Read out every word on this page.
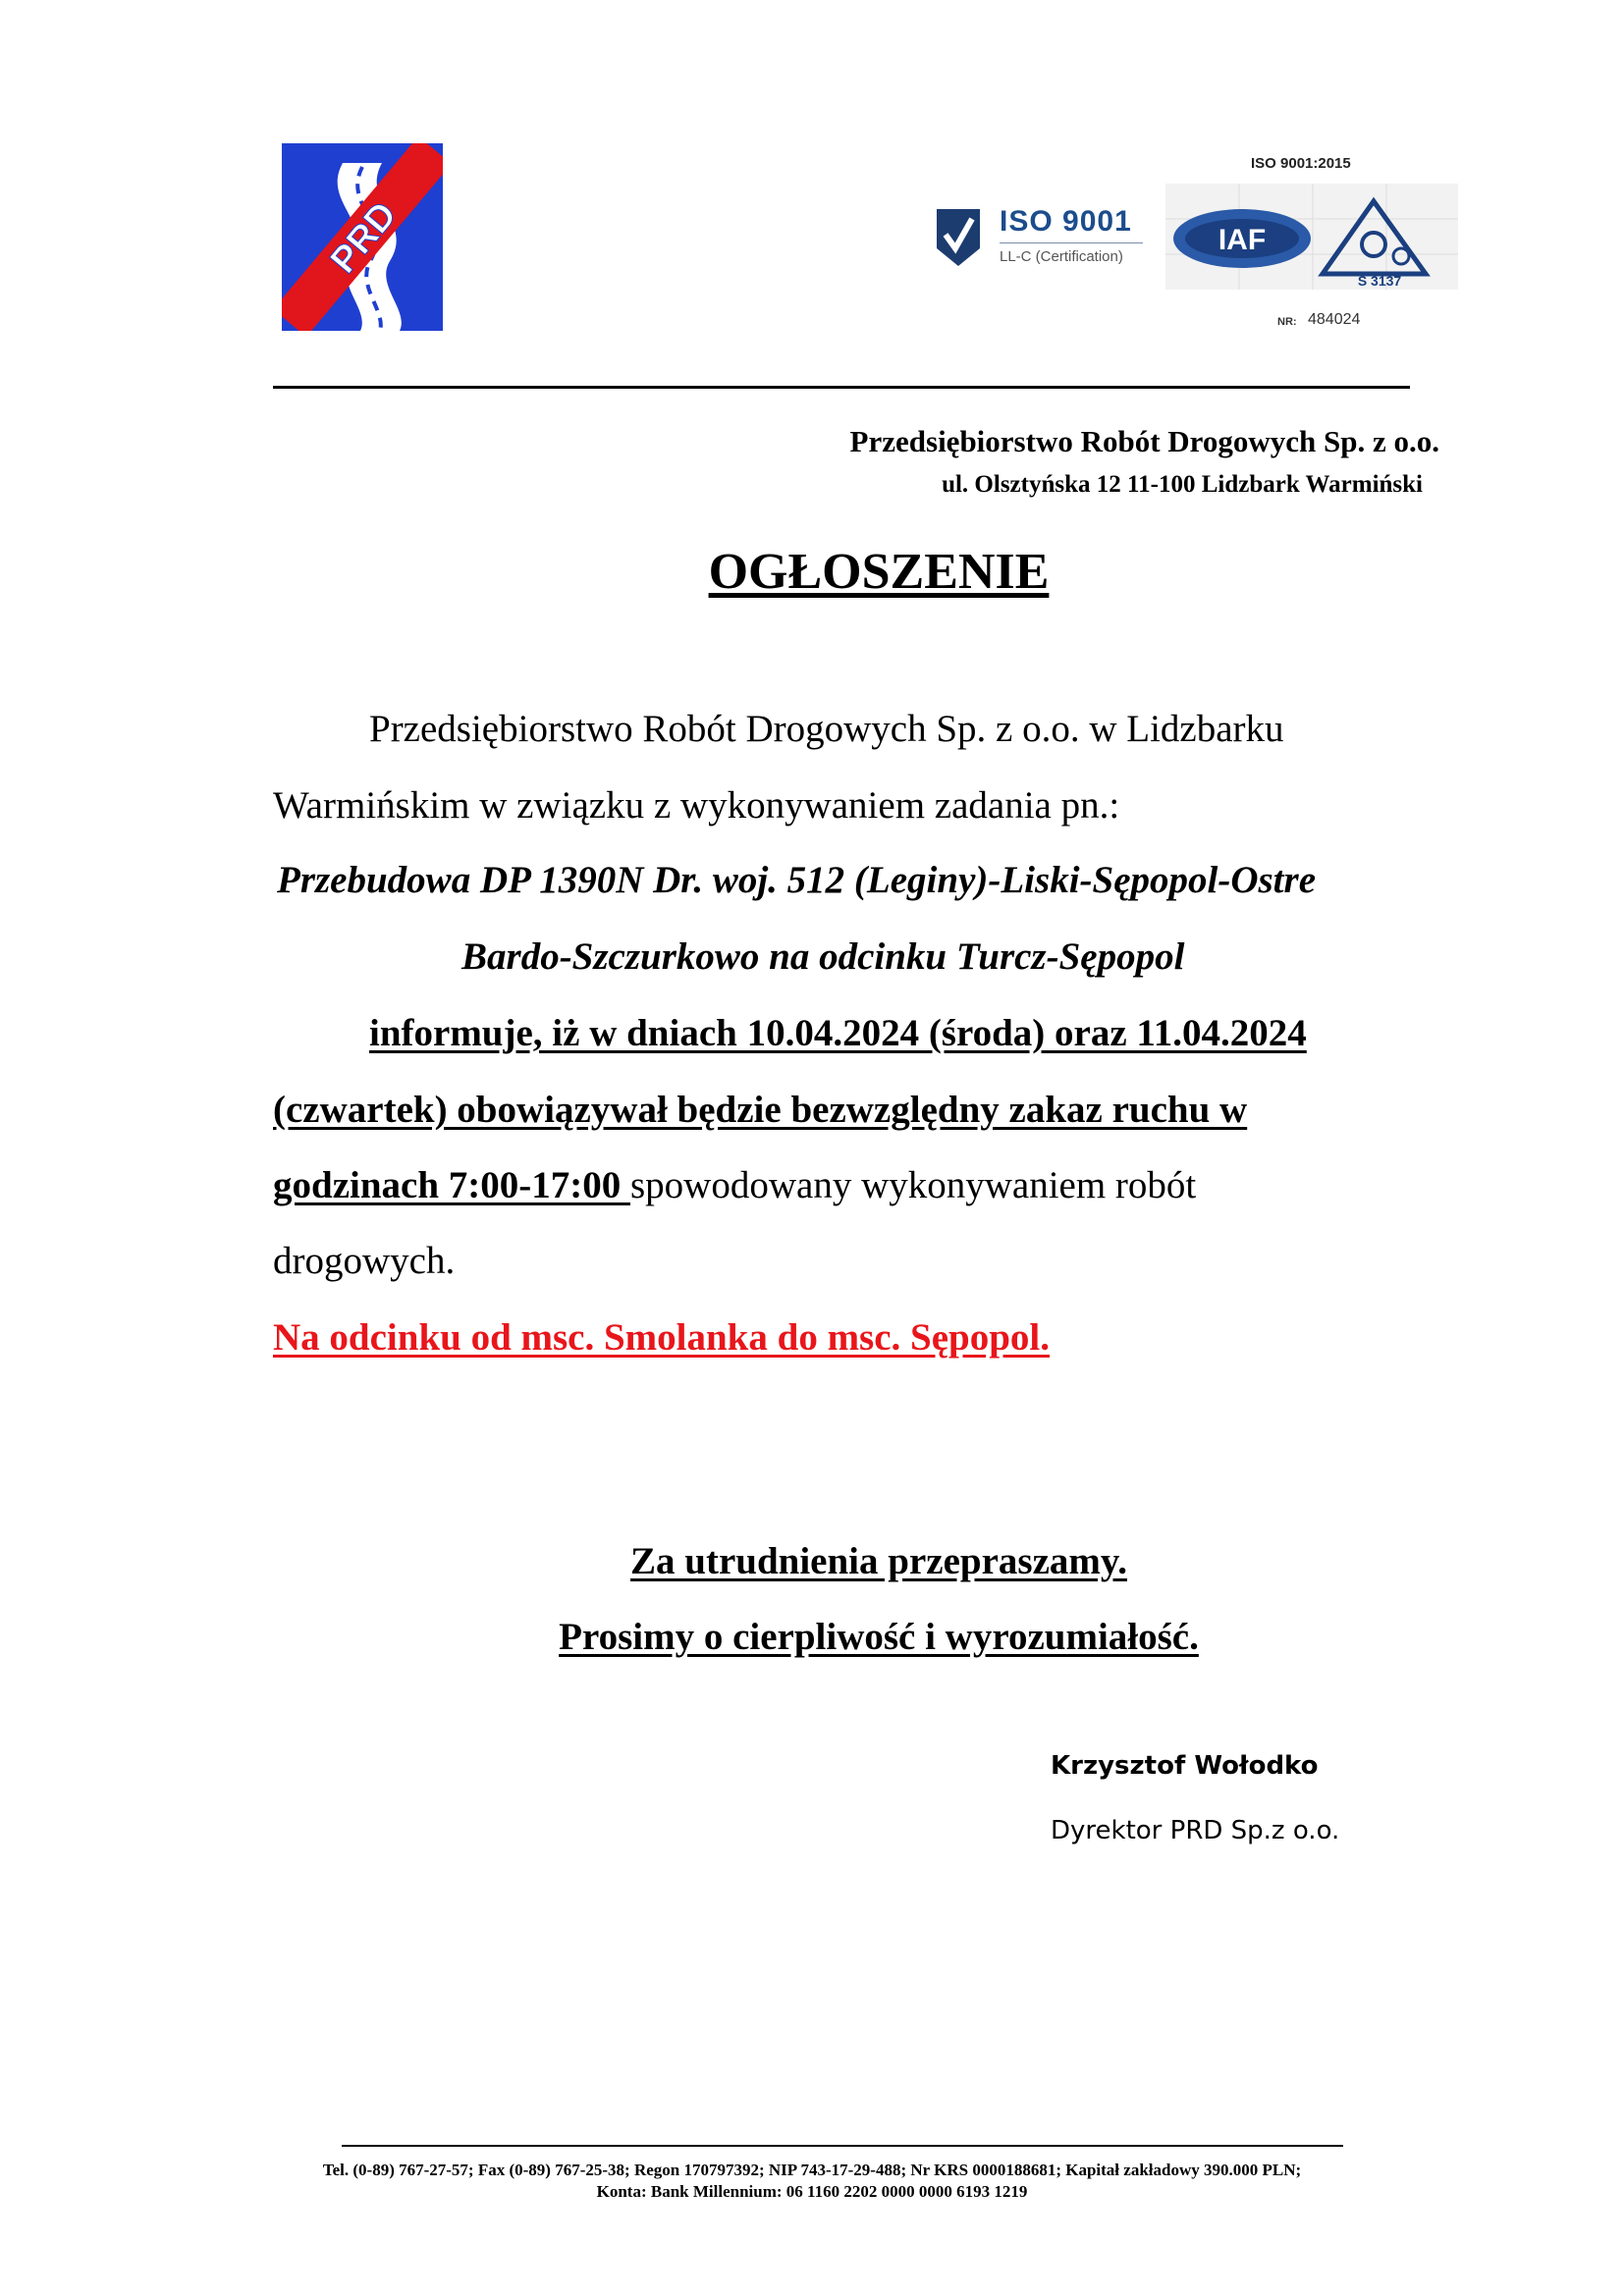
PRD	ISO 9001
LL-C (Certification)
ISO 9001:2015
IAF
S 3137
NR: 484024
Przedsiębiorstwo Robót Drogowych Sp. z o.o.
ul. Olsztyńska 12 11-100 Lidzbark Warmiński
OGŁOSZENIE
Przedsiębiorstwo Robót Drogowych Sp. z o.o. w Lidzbarku
Warmińskim w związku z wykonywaniem zadania pn.:
Przebudowa DP 1390N Dr. woj. 512 (Leginy)-Liski-Sępopol-Ostre
Bardo-Szczurkowo na odcinku Turcz-Sępopol
informuje, iż w dniach 10.04.2024 (środa) oraz 11.04.2024
(czwartek) obowiązywał będzie bezwzględny zakaz ruchu w
godzinach 7:00-17:00 spowodowany wykonywaniem robót
drogowych.
Na odcinku od msc. Smolanka do msc. Sępopol.
Za utrudnienia przepraszamy.
Prosimy o cierpliwość i wyrozumiałość.
Krzysztof Wołodko
Dyrektor PRD Sp.z o.o.
Tel. (0-89) 767-27-57; Fax (0-89) 767-25-38; Regon 170797392; NIP 743-17-29-488; Nr KRS 0000188681; Kapitał zakładowy 390.000 PLN;
Konta: Bank Millennium: 06 1160 2202 0000 0000 6193 1219
